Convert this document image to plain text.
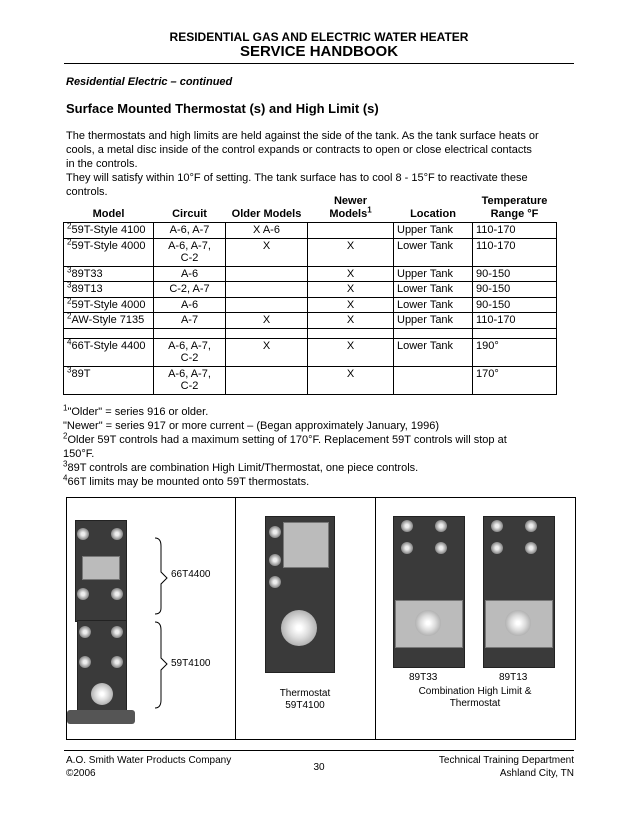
RESIDENTIAL GAS AND ELECTRIC WATER HEATER
SERVICE HANDBOOK
Residential Electric – continued
Surface Mounted Thermostat (s) and High Limit (s)
The thermostats and high limits are held against the side of the tank. As the tank surface heats or
cools, a metal disc inside of the control expands or contracts to open or close electrical contacts
in the controls.
They will satisfy within 10°F of setting. The tank surface has to cool 8 - 15°F to reactivate these
controls.
Model	Circuit	Older Models	Newer
Models$^1$	Location	Temperature
Range °F
$^2$59T-Style 4100	A-6, A-7	X A-6		Upper Tank	110-170
$^2$59T-Style 4000	A-6, A-7,
C-2	X	X	Lower Tank	110-170
$^3$89T33	A-6		X	Upper Tank	90-150
$^3$89T13	C-2, A-7		X	Lower Tank	90-150
$^2$59T-Style 4000	A-6		X	Lower Tank	90-150
$^2$AW-Style 7135	A-7	X	X	Upper Tank	110-170

$^4$66T-Style 4400	A-6, A-7,
C-2	X	X	Lower Tank	190°
$^3$89T	A-6, A-7,
C-2		X		170°
$^1$"Older" = series 916 or older.
"Newer" = series 917 or more current – (Began approximately January, 1996)
$^2$Older 59T controls had a maximum setting of 170°F. Replacement 59T controls will stop at
150°F.
$^3$89T controls are combination High Limit/Thermostat, one piece controls.
$^4$66T limits may be mounted onto 59T thermostats.
66T4400
59T4100
Thermostat
59T4100
89T33	89T13
Combination High Limit &
Thermostat
A.O. Smith Water Products Company
©2006
30
Technical Training Department
Ashland City, TN
